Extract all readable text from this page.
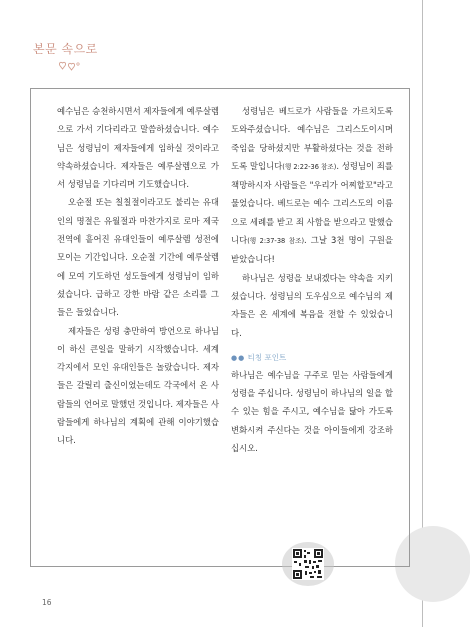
본문 속으로

예수님은 승천하시면서 제자들에게 예루살렘으로 가서 기다리라고 말씀하셨습니다. 예수님은 성령님이 제자들에게 임하실 것이라고 약속하셨습니다. 제자들은 예루살렘으로 가서 성령님을 기다리며 기도했습니다.

오순절 또는 칠칠절이라고도 불리는 유대인의 명절은 유월절과 마찬가지로 로마 제국 전역에 흩어진 유대인들이 예루살렘 성전에 모이는 기간입니다. 오순절 기간에 예루살렘에 모여 기도하던 성도들에게 성령님이 임하셨습니다. 급하고 강한 바람 같은 소리를 그들은 들었습니다.

제자들은 성령 충만하여 방언으로 하나님이 하신 큰일을 말하기 시작했습니다. 세계 각지에서 모인 유대인들은 놀랐습니다. 제자들은 갈릴리 출신이었는데도 각국에서 온 사람들의 언어로 말했던 것입니다. 제자들은 사람들에게 하나님의 계획에 관해 이야기했습니다.

성령님은 베드로가 사람들을 가르치도록 도와주셨습니다. 예수님은 그리스도이시며 죽임을 당하셨지만 부활하셨다는 것을 전하도록 말입니다(행 2:22-36 참조). 성령님이 죄를 책망하시자 사람들은 "우리가 어찌할꼬"라고 물었습니다. 베드로는 예수 그리스도의 이름으로 세례를 받고 죄 사함을 받으라고 말했습니다(행 2:37-38 참조). 그날 3천 명이 구원을 받았습니다!

하나님은 성령을 보내겠다는 약속을 지키셨습니다. 성령님의 도우심으로 예수님의 제자들은 온 세계에 복음을 전할 수 있었습니다.

●● 티칭 포인트

하나님은 예수님을 구주로 믿는 사람들에게 성령을 주십니다. 성령님이 하나님의 일을 할 수 있는 힘을 주시고, 예수님을 닮아 가도록 변화시켜 주신다는 것을 아이들에게 강조하십시오.

16
